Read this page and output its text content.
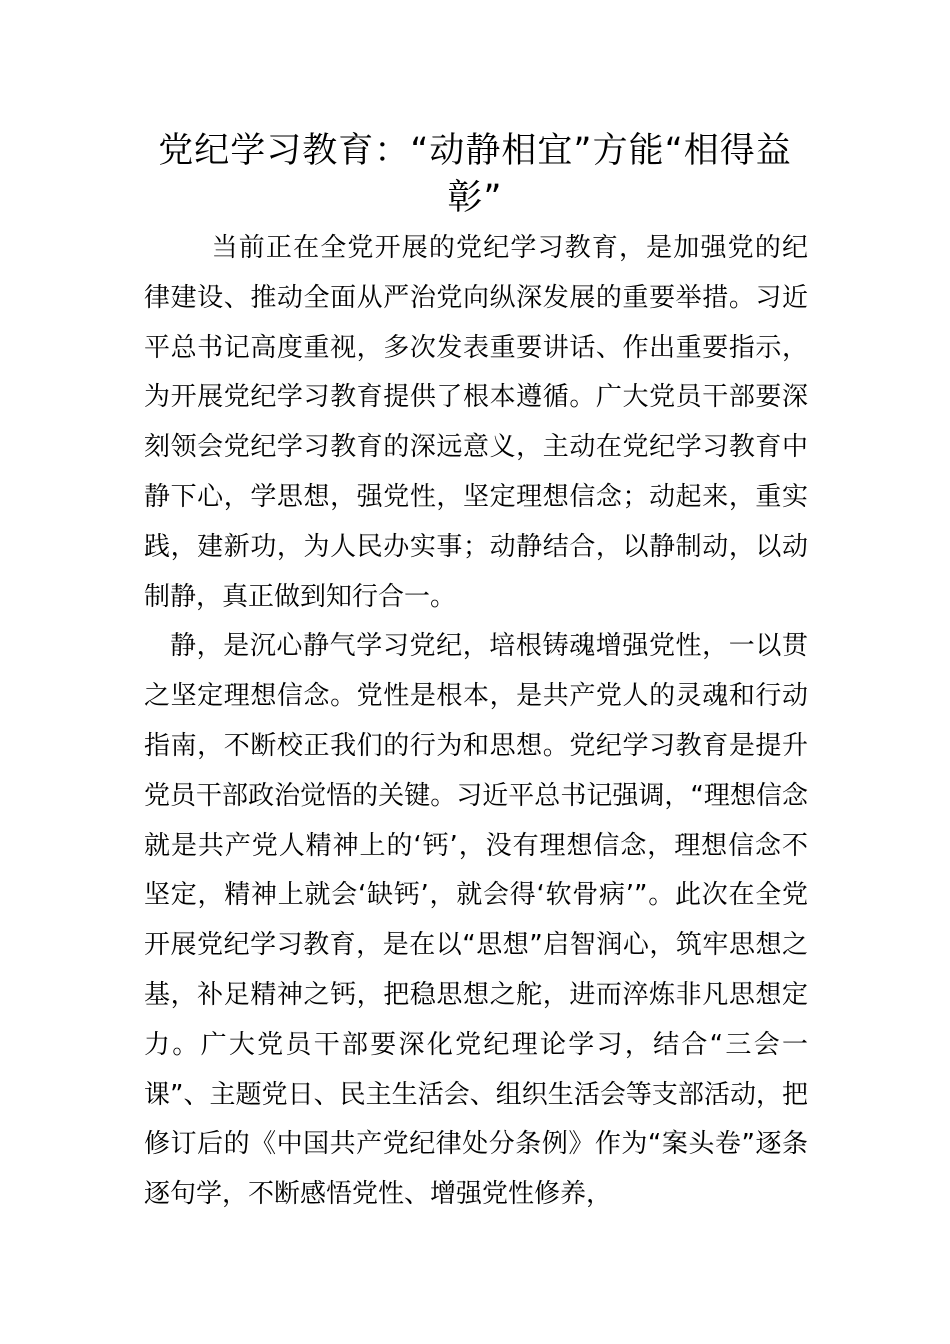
党纪学习教育：“动静相宜”方能“相得益彰”

当前正在全党开展的党纪学习教育，是加强党的纪律建设、推动全面从严治党向纵深发展的重要举措。习近平总书记高度重视，多次发表重要讲话、作出重要指示，为开展党纪学习教育提供了根本遵循。广大党员干部要深刻领会党纪学习教育的深远意义，主动在党纪学习教育中静下心，学思想，强党性，坚定理想信念；动起来，重实践，建新功，为人民办实事；动静结合，以静制动，以动制静，真正做到知行合一。

静，是沉心静气学习党纪，培根铸魂增强党性，一以贯之坚定理想信念。党性是根本，是共产党人的灵魂和行动指南，不断校正我们的行为和思想。党纪学习教育是提升党员干部政治觉悟的关键。习近平总书记强调，“理想信念就是共产党人精神上的‘钙’，没有理想信念，理想信念不坚定，精神上就会‘缺钙’，就会得‘软骨病’”。此次在全党开展党纪学习教育，是在以“思想”启智润心，筑牢思想之基，补足精神之钙，把稳思想之舵，进而淬炼非凡思想定力。广大党员干部要深化党纪理论学习，结合“三会一课”、主题党日、民主生活会、组织生活会等支部活动，把修订后的《中国共产党纪律处分条例》作为“案头卷”逐条逐句学，不断感悟党性、增强党性修养，
